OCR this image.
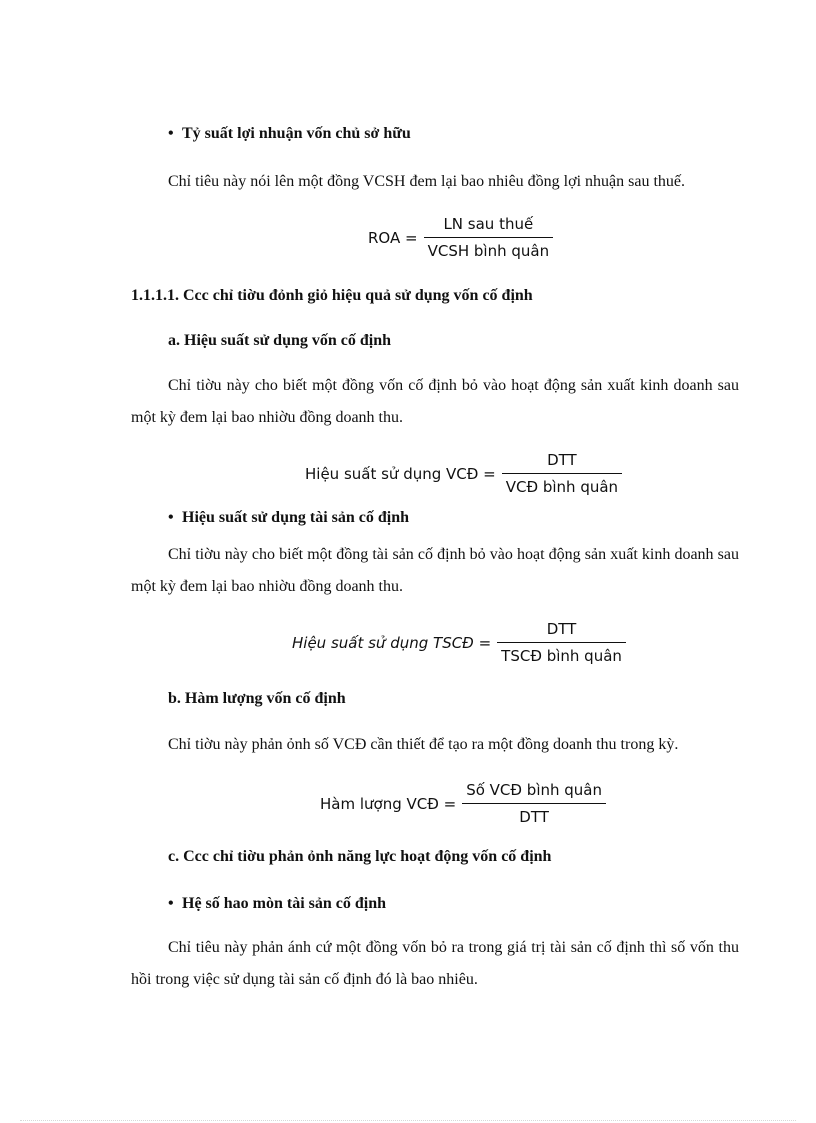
• Tỷ suất lợi nhuận vốn chủ sở hữu
Chỉ tiêu này nói lên một đồng VCSH đem lại bao nhiêu đồng lợi nhuận sau thuế.
ROA = $\frac{\text{LN sau thuế}}{\text{VCSH bình quân}}$
1.1.1.1. Cсc chỉ tiờu đỏnh giỏ hiệu quả sử dụng vốn cố định
a. Hiệu suất sử dụng vốn cố định
Chỉ tiờu này cho biết một đồng vốn cố định bỏ vào hoạt động sản xuất kinh doanh sau một kỳ đem lại bao nhiờu đồng doanh thu.
Hiệu suất sử dụng VCĐ = $\frac{\text{DTT}}{\text{VCĐ bình quân}}$
• Hiệu suất sử dụng tài sản cố định
Chỉ tiờu này cho biết một đồng tài sản cố định bỏ vào hoạt động sản xuất kinh doanh sau một kỳ đem lại bao nhiờu đồng doanh thu.
Hiệu suất sử dụng TSCĐ = $\frac{\text{DTT}}{\text{TSCĐ bình quân}}$
b. Hàm lượng vốn cố định
Chỉ tiờu này phản ỏnh số VCĐ cần thiết để tạo ra một đồng doanh thu trong kỳ.
Hàm lượng VCĐ = $\frac{\text{Số VCĐ bình quân}}{\text{DTT}}$
c. Cсc chỉ tiờu phản ỏnh năng lực hoạt động vốn cố định
• Hệ số hao mòn tài sản cố định
Chỉ tiêu này phản ánh cứ một đồng vốn bỏ ra trong giá trị tài sản cố định thì số vốn thu hồi trong việc sử dụng tài sản cố định đó là bao nhiêu.
